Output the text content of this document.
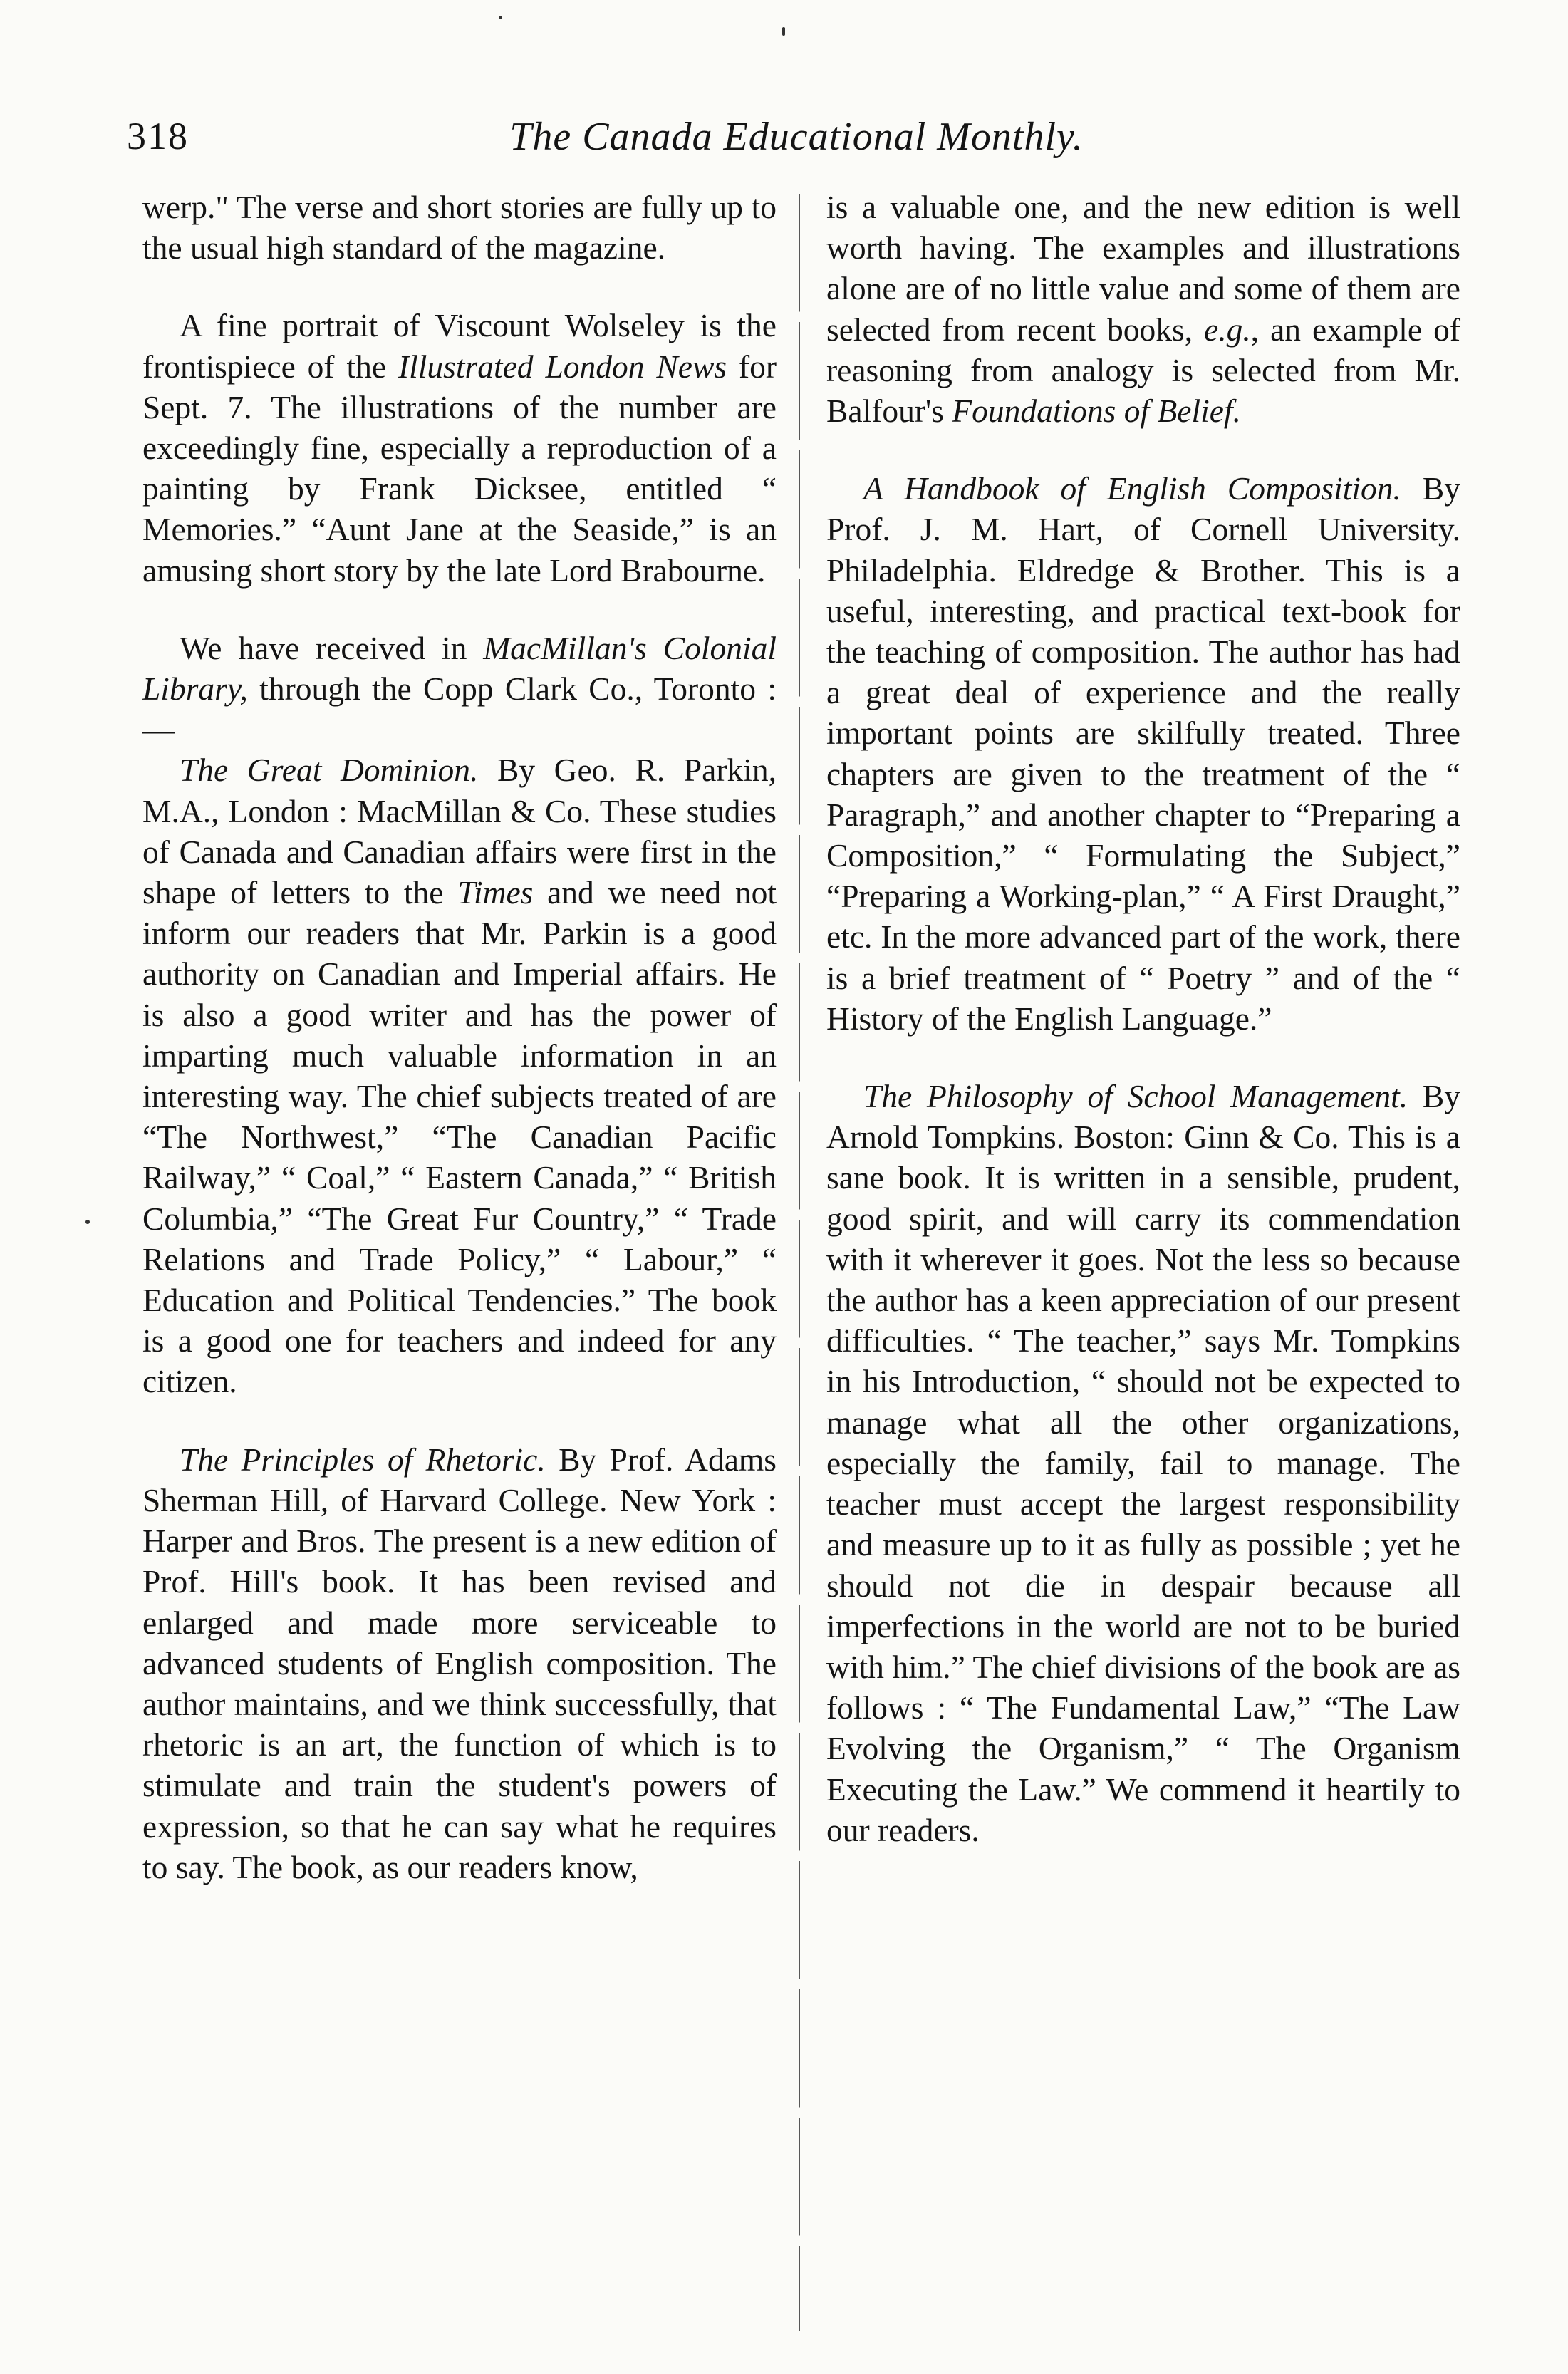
318	The Canada Educational Monthly.

werp." The verse and short stories are fully up to the usual high standard of the magazine.

A fine portrait of Viscount Wolseley is the frontispiece of the Illustrated London News for Sept. 7. The illustrations of the number are exceedingly fine, especially a reproduction of a painting by Frank Dicksee, entitled “ Memories.” “Aunt Jane at the Seaside,” is an amusing short story by the late Lord Brabourne.

We have received in MacMillan's Colonial Library, through the Copp Clark Co., Toronto :—

The Great Dominion. By Geo. R. Parkin, M.A., London : MacMillan & Co. These studies of Canada and Canadian affairs were first in the shape of letters to the Times and we need not inform our readers that Mr. Parkin is a good authority on Canadian and Imperial affairs. He is also a good writer and has the power of imparting much valuable information in an interesting way. The chief subjects treated of are “The Northwest,” “The Canadian Pacific Railway,” “ Coal,” “ Eastern Canada,” “ British Columbia,” “The Great Fur Country,” “ Trade Relations and Trade Policy,” “ Labour,” “ Education and Political Tendencies.” The book is a good one for teachers and indeed for any citizen.

The Principles of Rhetoric. By Prof. Adams Sherman Hill, of Harvard College. New York : Harper and Bros. The present is a new edition of Prof. Hill's book. It has been revised and enlarged and made more serviceable to advanced students of English composition. The author maintains, and we think successfully, that rhetoric is an art, the function of which is to stimulate and train the student's powers of expression, so that he can say what he requires to say. The book, as our readers know,

is a valuable one, and the new edition is well worth having. The examples and illustrations alone are of no little value and some of them are selected from recent books, e.g., an example of reasoning from analogy is selected from Mr. Balfour's Foundations of Belief.

A Handbook of English Composition. By Prof. J. M. Hart, of Cornell University. Philadelphia. Eldredge & Brother. This is a useful, interesting, and practical text-book for the teaching of composition. The author has had a great deal of experience and the really important points are skilfully treated. Three chapters are given to the treatment of the “ Paragraph,” and another chapter to “Preparing a Composition,” “ Formulating the Subject,” “Preparing a Working-plan,” “ A First Draught,” etc. In the more advanced part of the work, there is a brief treatment of “ Poetry ” and of the “ History of the English Language.”

The Philosophy of School Management. By Arnold Tompkins. Boston: Ginn & Co. This is a sane book. It is written in a sensible, prudent, good spirit, and will carry its commendation with it wherever it goes. Not the less so because the author has a keen appreciation of our present difficulties. “ The teacher,” says Mr. Tompkins in his Introduction, “ should not be expected to manage what all the other organizations, especially the family, fail to manage. The teacher must accept the largest responsibility and measure up to it as fully as possible ; yet he should not die in despair because all imperfections in the world are not to be buried with him.” The chief divisions of the book are as follows : “ The Fundamental Law,” “The Law Evolving the Organism,” “ The Organism Executing the Law.” We commend it heartily to our readers.
